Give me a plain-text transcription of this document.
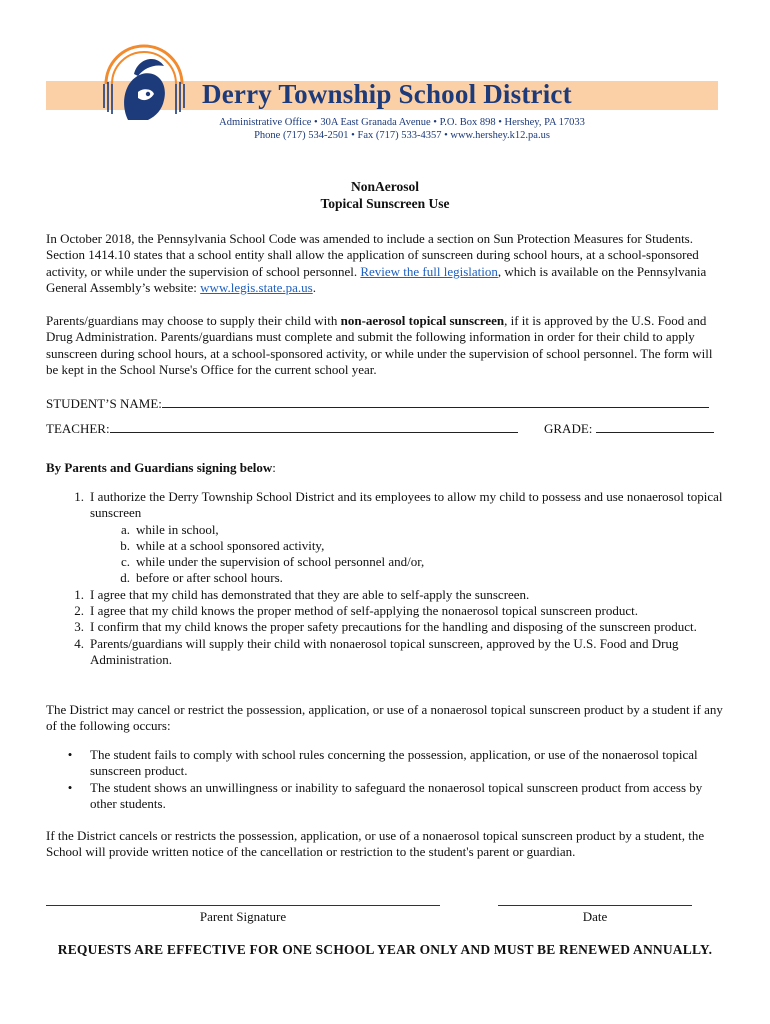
Derry Township School District
Administrative Office • 30A East Granada Avenue • P.O. Box 898 • Hershey, PA 17033
Phone (717) 534-2501 • Fax (717) 533-4357 • www.hershey.k12.pa.us
NonAerosol
Topical Sunscreen Use
In October 2018, the Pennsylvania School Code was amended to include a section on Sun Protection Measures for Students. Section 1414.10 states that a school entity shall allow the application of sunscreen during school hours, at a school-sponsored activity, or while under the supervision of school personnel. Review the full legislation, which is available on the Pennsylvania General Assembly’s website: www.legis.state.pa.us.
Parents/guardians may choose to supply their child with non-aerosol topical sunscreen, if it is approved by the U.S. Food and Drug Administration. Parents/guardians must complete and submit the following information in order for their child to apply sunscreen during school hours, at a school-sponsored activity, or while under the supervision of school personnel. The form will be kept in the School Nurse's Office for the current school year.
STUDENT’S NAME:
TEACHER:	GRADE:
By Parents and Guardians signing below:
1. I authorize the Derry Township School District and its employees to allow my child to possess and use nonaerosol topical sunscreen
a. while in school,
b. while at a school sponsored activity,
c. while under the supervision of school personnel and/or,
d. before or after school hours.
1. I agree that my child has demonstrated that they are able to self-apply the sunscreen.
2. I agree that my child knows the proper method of self-applying the nonaerosol topical sunscreen product.
3. I confirm that my child knows the proper safety precautions for the handling and disposing of the sunscreen product.
4. Parents/guardians will supply their child with nonaerosol topical sunscreen, approved by the U.S. Food and Drug Administration.
The District may cancel or restrict the possession, application, or use of a nonaerosol topical sunscreen product by a student if any of the following occurs:
•	The student fails to comply with school rules concerning the possession, application, or use of the nonaerosol topical sunscreen product.
•	The student shows an unwillingness or inability to safeguard the nonaerosol topical sunscreen product from access by other students.
If the District cancels or restricts the possession, application, or use of a nonaerosol topical sunscreen product by a student, the School will provide written notice of the cancellation or restriction to the student's parent or guardian.
Parent Signature	Date
REQUESTS ARE EFFECTIVE FOR ONE SCHOOL YEAR ONLY AND MUST BE RENEWED ANNUALLY.
